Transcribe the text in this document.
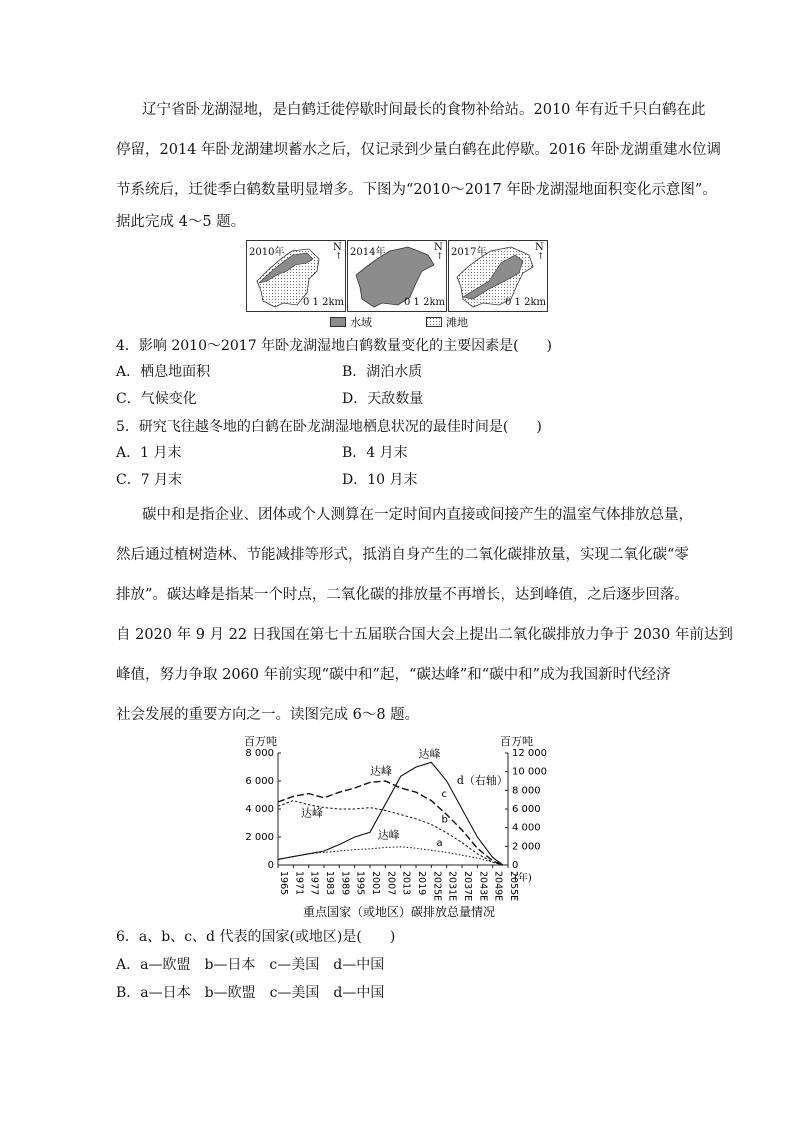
辽宁省卧龙湖湿地，是白鹤迁徙停歇时间最长的食物补给站。2010 年有近千只白鹤在此
停留，2014 年卧龙湖建坝蓄水之后，仅记录到少量白鹤在此停歇。2016 年卧龙湖重建水位调
节系统后，迁徙季白鹤数量明显增多。下图为“2010～2017 年卧龙湖湿地面积变化示意图”。
据此完成 4～5 题。
2010年	N
↑
0 1 2km
2014年	N
↑
0 1 2km
2017年	N
↑
0 1 2km
水域	滩地
4．影响 2010～2017 年卧龙湖湿地白鹤数量变化的主要因素是(　　)
A．栖息地面积	B．湖泊水质
C．气候变化	D．天敌数量
5．研究飞往越冬地的白鹤在卧龙湖湿地栖息状况的最佳时间是(　　)
A．1 月末	B．4 月末
C．7 月末	D．10 月末
碳中和是指企业、团体或个人测算在一定时间内直接或间接产生的温室气体排放总量，
然后通过植树造林、节能减排等形式，抵消自身产生的二氧化碳排放量，实现二氧化碳“零
排放”。碳达峰是指某一个时点，二氧化碳的排放量不再增长，达到峰值，之后逐步回落。
自 2020 年 9 月 22 日我国在第七十五届联合国大会上提出二氧化碳排放力争于 2030 年前达到
峰值，努力争取 2060 年前实现“碳中和”起，“碳达峰”和“碳中和”成为我国新时代经济
社会发展的重要方向之一。读图完成 6～8 题。
百万吨	百万吨
0
2 000
4 000
6 000
8 000
0
2 000
4 000
6 000
8 000
10 000
12 000
1965 1971 1977 1983 1989 1995 2001 2007 2013 2019 2025E 2031E 2037E 2043E 2049E 2055E
(年)
a
b
c
达峰
达峰
达峰
达峰
d（右轴）
重点国家（或地区）碳排放总量情况
6．a、b、c、d 代表的国家(或地区)是(　　)
A．a—欧盟　b—日本　c—美国　d—中国
B．a—日本　b—欧盟　c—美国　d—中国
